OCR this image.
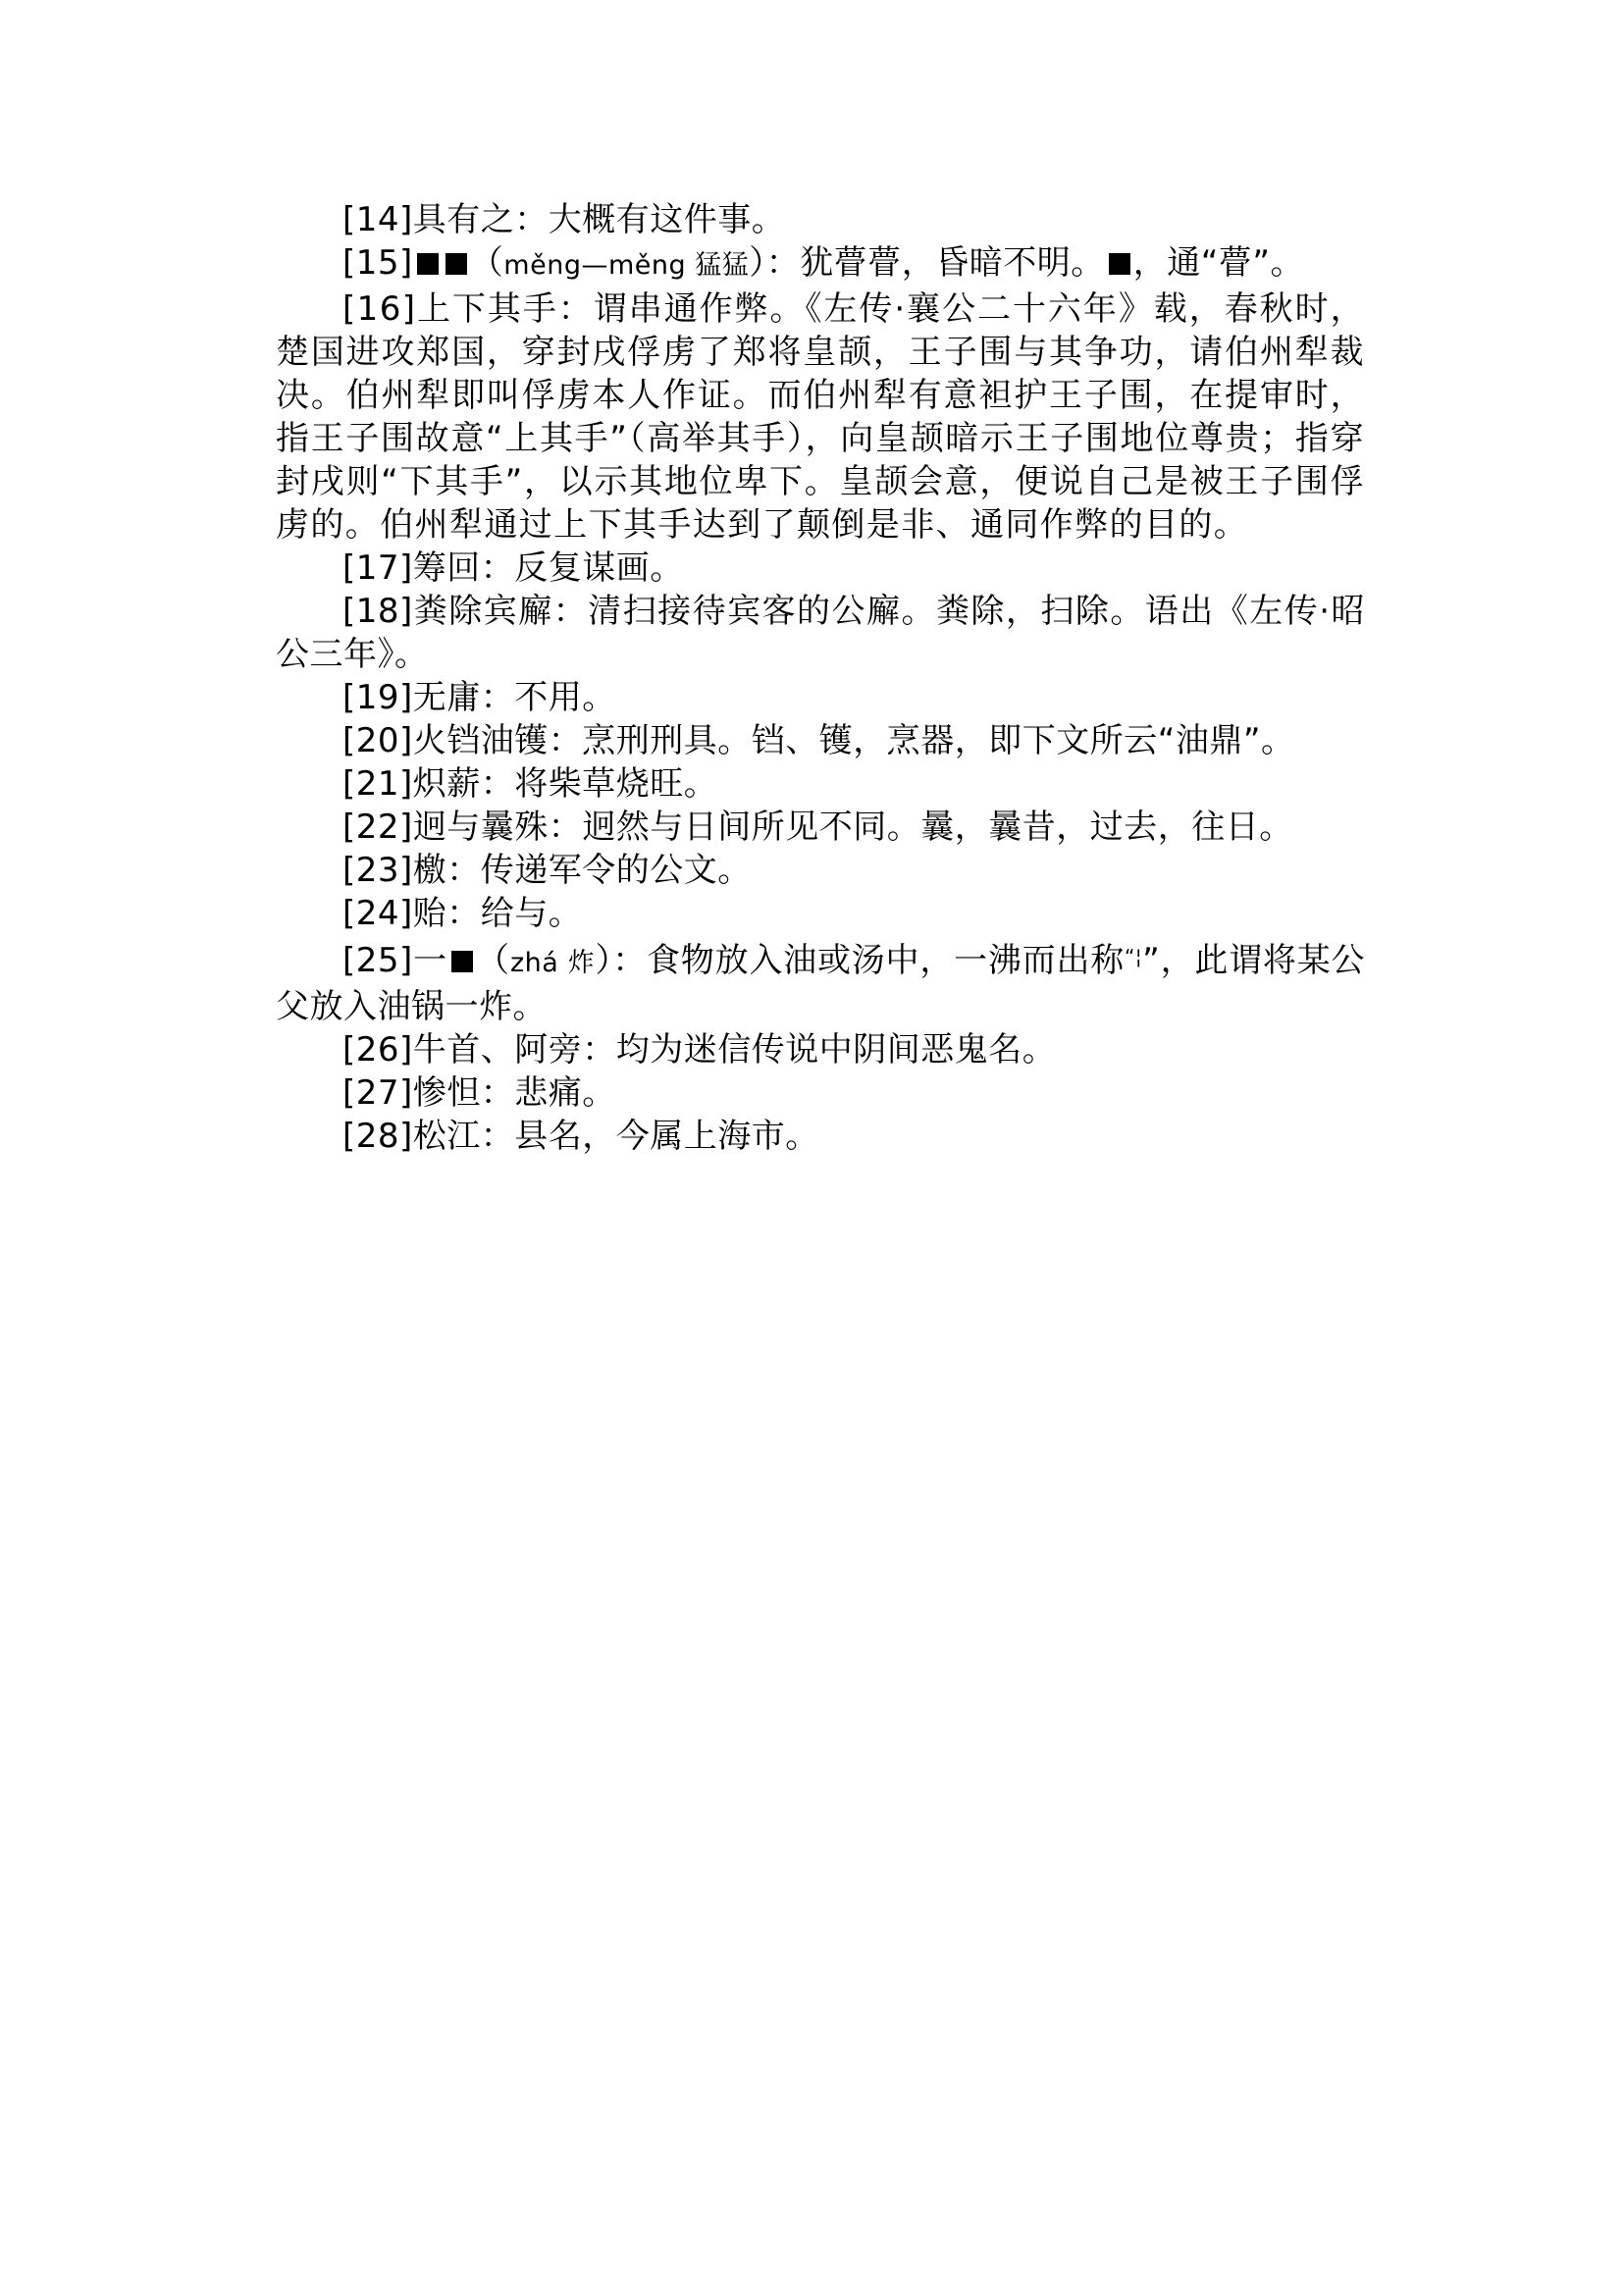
[14]具有之：大概有这件事。

[15] （měng—měng 猛猛）：犹瞢瞢，昏暗不明。 ，通“瞢”。

[16]上下其手：谓串通作弊。《左传·襄公二十六年》载，春秋时，楚国进攻郑国，穿封戌俘虏了郑将皇颉，王子围与其争功，请伯州犁裁决。伯州犁即叫俘虏本人作证。而伯州犁有意袒护王子围，在提审时，指王子围故意“上其手”（高举其手），向皇颉暗示王子围地位尊贵；指穿封戌则“下其手”，以示其地位卑下。皇颉会意，便说自己是被王子围俘虏的。伯州犁通过上下其手达到了颠倒是非、通同作弊的目的。

[17]筹回：反复谋画。

[18]粪除宾廨：清扫接待宾客的公廨。粪除，扫除。语出《左传·昭公三年》。

[19]无庸：不用。

[20]火铛油镬：烹刑刑具。铛、镬，烹器，即下文所云“油鼎”。

[21]炽薪：将柴草烧旺。

[22]迥与曩殊：迥然与日间所见不同。曩，曩昔，过去，往日。

[23]檄：传递军令的公文。

[24]贻：给与。

[25]一 （zhá 炸）：食物放入油或汤中，一沸而出称“¦”，此谓将某公父放入油锅一炸。

[26]牛首、阿旁：均为迷信传说中阴间恶鬼名。

[27]惨怛：悲痛。

[28]松江：县名，今属上海市。
